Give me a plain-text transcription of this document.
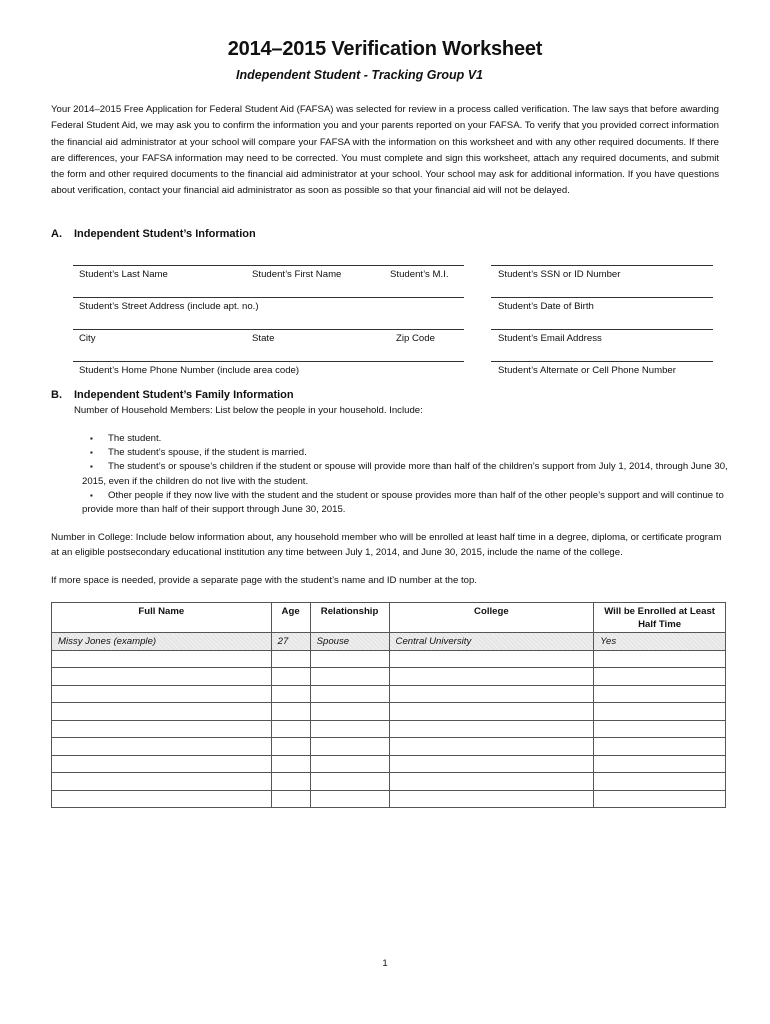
2014–2015 Verification Worksheet
Independent Student - Tracking Group V1

Your 2014–2015 Free Application for Federal Student Aid (FAFSA) was selected for review in a process called verification. The law says that before awarding Federal Student Aid, we may ask you to confirm the information you and your parents reported on your FAFSA. To verify that you provided correct information the financial aid administrator at your school will compare your FAFSA with the information on this worksheet and with any other required documents. If there are differences, your FAFSA information may need to be corrected. You must complete and sign this worksheet, attach any required documents, and submit the form and other required documents to the financial aid administrator at your school. Your school may ask for additional information. If you have questions about verification, contact your financial aid administrator as soon as possible so that your financial aid will not be delayed.

A. Independent Student’s Information
Student’s Last Name	Student’s First Name	Student’s M.I.	Student’s SSN or ID Number
Student’s Street Address (include apt. no.)	Student’s Date of Birth
City	State	Zip Code	Student’s Email Address
Student’s Home Phone Number (include area code)	Student’s Alternate or Cell Phone Number
B. Independent Student’s Family Information
Number of Household Members: List below the people in your household. Include:
▪	The student.
▪	The student’s spouse, if the student is married.
▪	The student’s or spouse’s children if the student or spouse will provide more than half of the children’s support from July 1, 2014, through June 30, 2015, even if the children do not live with the student.
▪	Other people if they now live with the student and the student or spouse provides more than half of the other people’s support and will continue to provide more than half of their support through June 30, 2015.
Number in College: Include below information about, any household member who will be enrolled at least half time in a degree, diploma, or certificate program at an eligible postsecondary educational institution any time between July 1, 2014, and June 30, 2015, include the name of the college.
If more space is needed, provide a separate page with the student’s name and ID number at the top.
Full Name	Age	Relationship	College	Will be Enrolled at Least Half Time
Missy Jones (example)	27	Spouse	Central University	Yes

1
